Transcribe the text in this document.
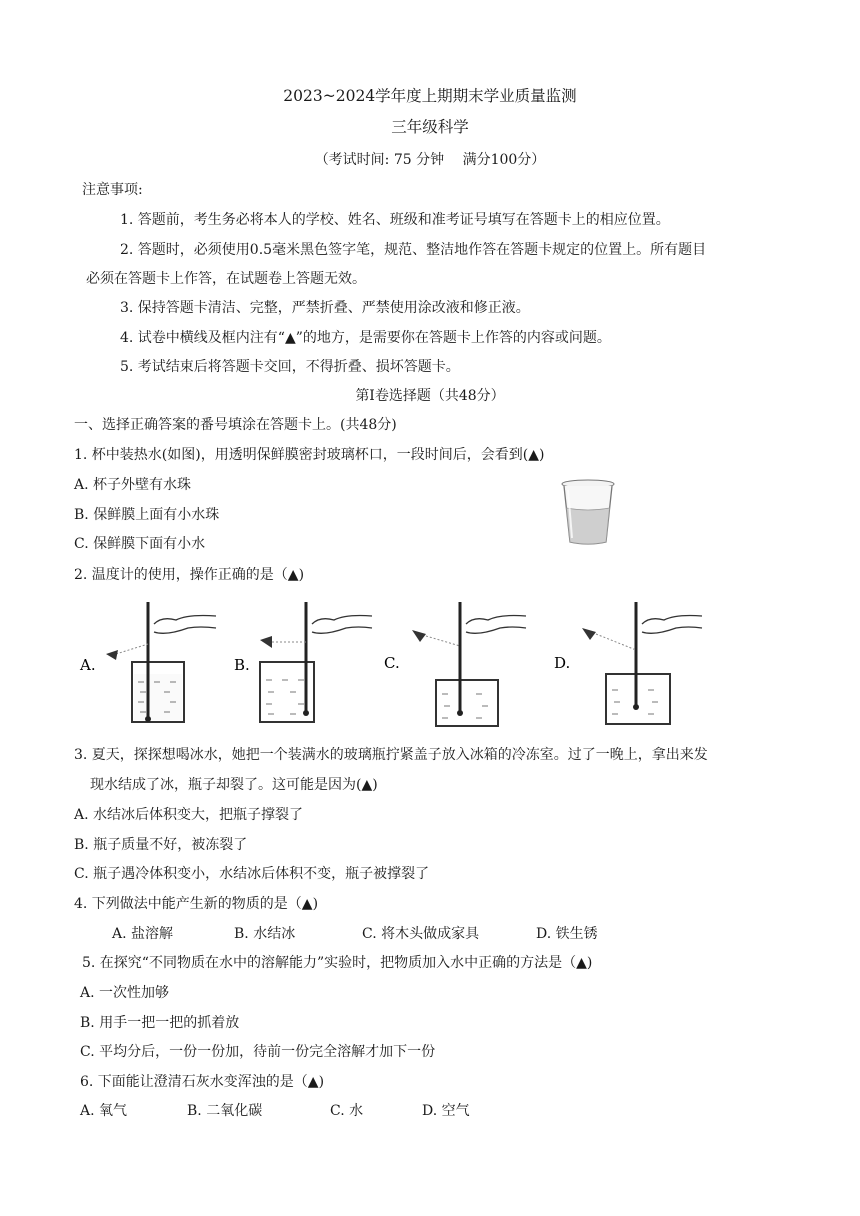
2023~2024学年度上期期末学业质量监测
三年级科学
（考试时间: 75 分钟　 满分100分）
注意事项:
1. 答题前，考生务必将本人的学校、姓名、班级和准考证号填写在答题卡上的相应位置。
2. 答题时，必须使用0.5毫米黑色签字笔，规范、整洁地作答在答题卡规定的位置上。所有题目
必须在答题卡上作答，在试题卷上答题无效。
3. 保持答题卡清洁、完整，严禁折叠、严禁使用涂改液和修正液。
4. 试卷中横线及框内注有“▲”的地方，是需要你在答题卡上作答的内容或问题。
5. 考试结束后将答题卡交回，不得折叠、损坏答题卡。
第Ⅰ卷选择题（共48分）
一、选择正确答案的番号填涂在答题卡上。(共48分)
1. 杯中装热水(如图)，用透明保鲜膜密封玻璃杯口，一段时间后，会看到(▲)
A. 杯子外壁有水珠
B. 保鲜膜上面有小水珠
C. 保鲜膜下面有小水
2. 温度计的使用，操作正确的是（▲)
A.	B.	C.	D.
3. 夏天，探探想喝冰水，她把一个装满水的玻璃瓶拧紧盖子放入冰箱的冷冻室。过了一晚上，拿出来发
现水结成了冰，瓶子却裂了。这可能是因为(▲)
A. 水结冰后体积变大，把瓶子撑裂了
B. 瓶子质量不好，被冻裂了
C. 瓶子遇冷体积变小，水结冰后体积不变，瓶子被撑裂了
4. 下列做法中能产生新的物质的是（▲)
A. 盐溶解	B. 水结冰	C. 将木头做成家具	D. 铁生锈
5. 在探究“不同物质在水中的溶解能力”实验时，把物质加入水中正确的方法是（▲)
A. 一次性加够
B. 用手一把一把的抓着放
C. 平均分后，一份一份加，待前一份完全溶解才加下一份
6. 下面能让澄清石灰水变浑浊的是（▲)
A. 氧气	B. 二氧化碳	C. 水	D. 空气
